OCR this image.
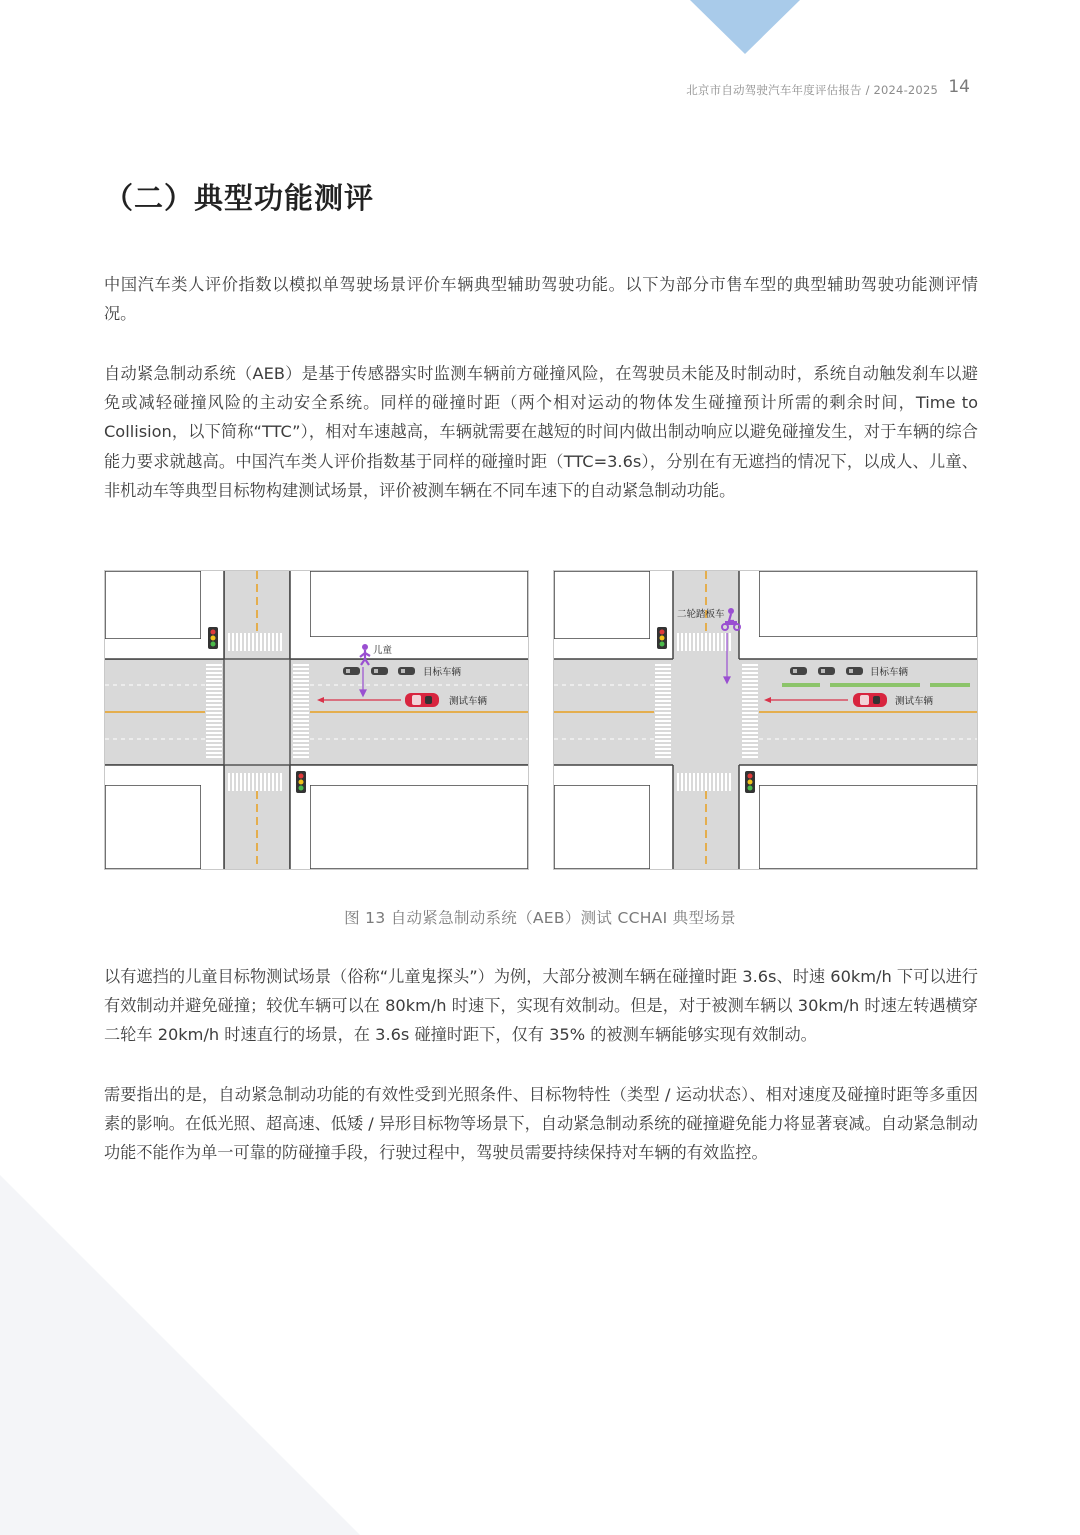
北京市自动驾驶汽车年度评估报告 / 2024-2025 14
（二）典型功能测评

中国汽车类人评价指数以模拟单驾驶场景评价车辆典型辅助驾驶功能。以下为部分市售车型的典型辅助驾驶功能测评情况。

自动紧急制动系统（AEB）是基于传感器实时监测车辆前方碰撞风险，在驾驶员未能及时制动时，系统自动触发刹车以避免或减轻碰撞风险的主动安全系统。同样的碰撞时距（两个相对运动的物体发生碰撞预计所需的剩余时间，Time to Collision，以下简称“TTC”），相对车速越高，车辆就需要在越短的时间内做出制动响应以避免碰撞发生，对于车辆的综合能力要求就越高。中国汽车类人评价指数基于同样的碰撞时距（TTC=3.6s），分别在有无遮挡的情况下，以成人、儿童、非机动车等典型目标物构建测试场景，评价被测车辆在不同车速下的自动紧急制动功能。

儿童
目标车辆
测试车辆
二轮踏板车
目标车辆
测试车辆
图 13 自动紧急制动系统（AEB）测试 CCHAI 典型场景

以有遮挡的儿童目标物测试场景（俗称“儿童鬼探头”）为例，大部分被测车辆在碰撞时距 3.6s、时速 60km/h 下可以进行有效制动并避免碰撞；较优车辆可以在 80km/h 时速下，实现有效制动。但是，对于被测车辆以 30km/h 时速左转遇横穿二轮车 20km/h 时速直行的场景，在 3.6s 碰撞时距下，仅有 35% 的被测车辆能够实现有效制动。

需要指出的是，自动紧急制动功能的有效性受到光照条件、目标物特性（类型 / 运动状态）、相对速度及碰撞时距等多重因素的影响。在低光照、超高速、低矮 / 异形目标物等场景下，自动紧急制动系统的碰撞避免能力将显著衰减。自动紧急制动功能不能作为单一可靠的防碰撞手段，行驶过程中，驾驶员需要持续保持对车辆的有效监控。
